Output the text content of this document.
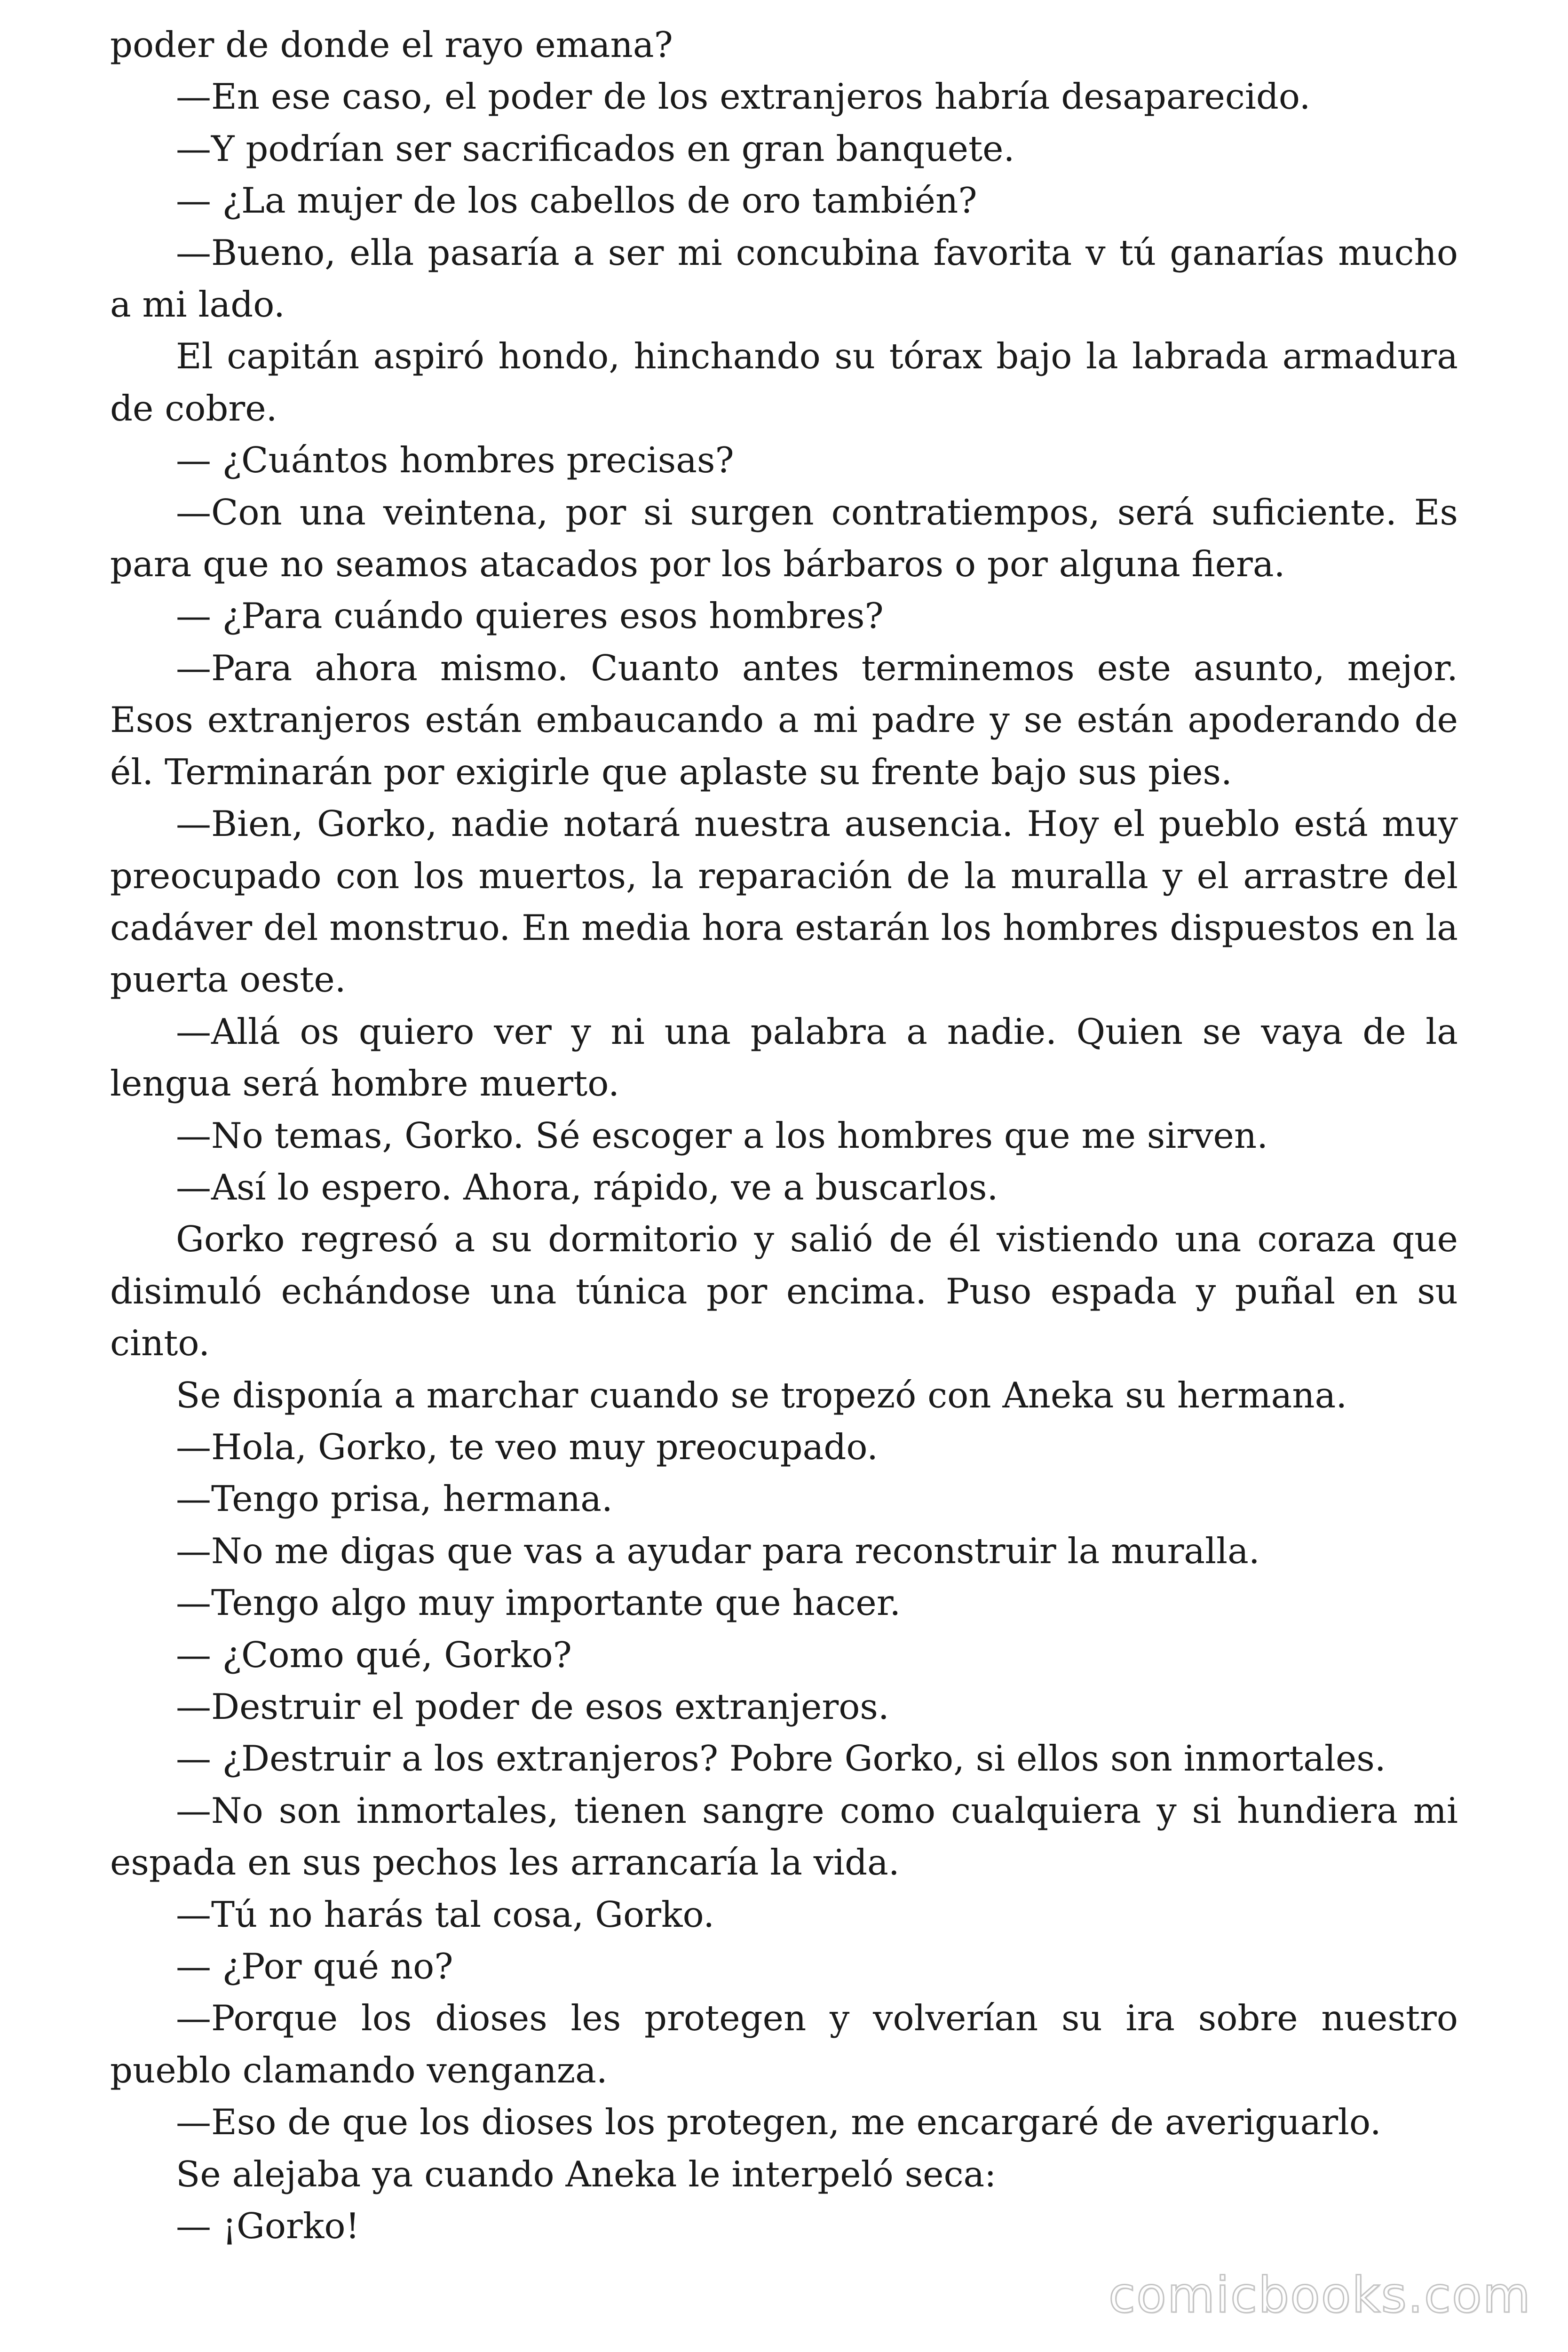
poder de donde el rayo emana?

—En ese caso, el poder de los extranjeros habría desaparecido.

—Y podrían ser sacrificados en gran banquete.

— ¿La mujer de los cabellos de oro también?

—Bueno, ella pasaría a ser mi concubina favorita v tú ganarías mucho a mi lado.

El capitán aspiró hondo, hinchando su tórax bajo la labrada armadura de cobre.

— ¿Cuántos hombres precisas?

—Con una veintena, por si surgen contratiempos, será suficiente. Es para que no seamos atacados por los bárbaros o por alguna fiera.

— ¿Para cuándo quieres esos hombres?

—Para ahora mismo. Cuanto antes terminemos este asunto, mejor. Esos extranjeros están embaucando a mi padre y se están apoderando de él. Terminarán por exigirle que aplaste su frente bajo sus pies.

—Bien, Gorko, nadie notará nuestra ausencia. Hoy el pueblo está muy preocupado con los muertos, la reparación de la muralla y el arrastre del cadáver del monstruo. En media hora estarán los hombres dispuestos en la puerta oeste.

—Allá os quiero ver y ni una palabra a nadie. Quien se vaya de la lengua será hombre muerto.

—No temas, Gorko. Sé escoger a los hombres que me sirven.

—Así lo espero. Ahora, rápido, ve a buscarlos.

Gorko regresó a su dormitorio y salió de él vistiendo una coraza que disimuló echándose una túnica por encima. Puso espada y puñal en su cinto.

Se disponía a marchar cuando se tropezó con Aneka su hermana.

—Hola, Gorko, te veo muy preocupado.

—Tengo prisa, hermana.

—No me digas que vas a ayudar para reconstruir la muralla.

—Tengo algo muy importante que hacer.

— ¿Como qué, Gorko?

—Destruir el poder de esos extranjeros.

— ¿Destruir a los extranjeros? Pobre Gorko, si ellos son inmortales.

—No son inmortales, tienen sangre como cualquiera y si hundiera mi espada en sus pechos les arrancaría la vida.

—Tú no harás tal cosa, Gorko.

— ¿Por qué no?

—Porque los dioses les protegen y volverían su ira sobre nuestro pueblo clamando venganza.

—Eso de que los dioses los protegen, me encargaré de averiguarlo.

Se alejaba ya cuando Aneka le interpeló seca:

— ¡Gorko!

comicbooks.com
